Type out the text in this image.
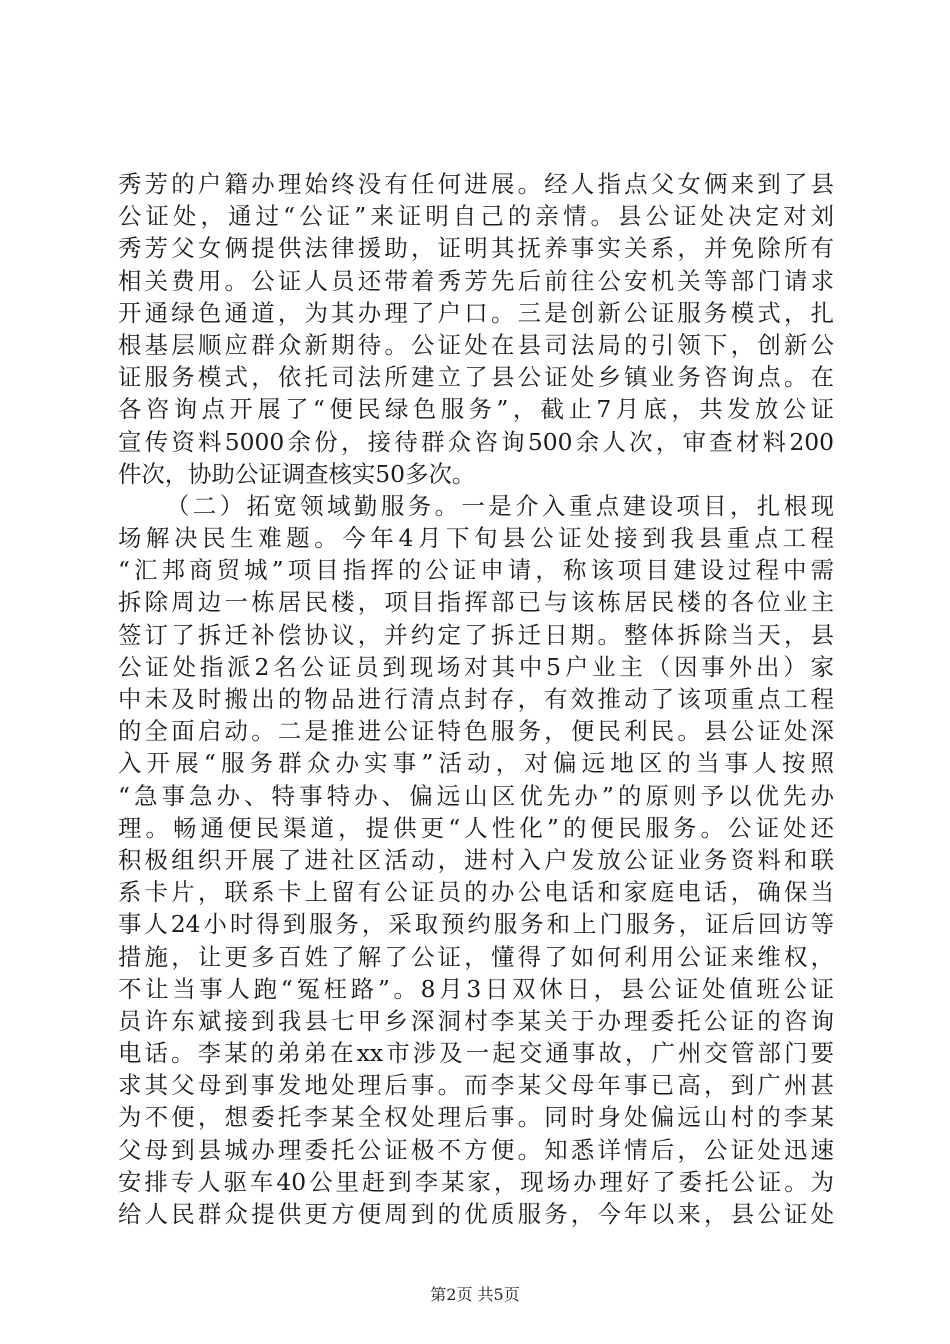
秀芳的户籍办理始终没有任何进展。经人指点父女俩来到了县
公证处，通过“公证”来证明自己的亲情。县公证处决定对刘
秀芳父女俩提供法律援助，证明其抚养事实关系，并免除所有
相关费用。公证人员还带着秀芳先后前往公安机关等部门请求
开通绿色通道，为其办理了户口。三是创新公证服务模式，扎
根基层顺应群众新期待。公证处在县司法局的引领下，创新公
证服务模式，依托司法所建立了县公证处乡镇业务咨询点。在
各咨询点开展了“便民绿色服务”，截止7月底，共发放公证
宣传资料5000余份，接待群众咨询500余人次，审查材料200
件次，协助公证调查核实50多次。
（二）拓宽领域勤服务。一是介入重点建设项目，扎根现
场解决民生难题。今年4月下旬县公证处接到我县重点工程
“汇邦商贸城”项目指挥的公证申请，称该项目建设过程中需
拆除周边一栋居民楼，项目指挥部已与该栋居民楼的各位业主
签订了拆迁补偿协议，并约定了拆迁日期。整体拆除当天，县
公证处指派2名公证员到现场对其中5户业主（因事外出）家
中未及时搬出的物品进行清点封存，有效推动了该项重点工程
的全面启动。二是推进公证特色服务，便民利民。县公证处深
入开展“服务群众办实事”活动，对偏远地区的当事人按照
“急事急办、特事特办、偏远山区优先办”的原则予以优先办
理。畅通便民渠道，提供更“人性化”的便民服务。公证处还
积极组织开展了进社区活动，进村入户发放公证业务资料和联
系卡片，联系卡上留有公证员的办公电话和家庭电话，确保当
事人24小时得到服务，采取预约服务和上门服务，证后回访等
措施，让更多百姓了解了公证，懂得了如何利用公证来维权，
不让当事人跑“冤枉路”。8月3日双休日，县公证处值班公证
员许东斌接到我县七甲乡深洞村李某关于办理委托公证的咨询
电话。李某的弟弟在xx市涉及一起交通事故，广州交管部门要
求其父母到事发地处理后事。而李某父母年事已高，到广州甚
为不便，想委托李某全权处理后事。同时身处偏远山村的李某
父母到县城办理委托公证极不方便。知悉详情后，公证处迅速
安排专人驱车40公里赶到李某家，现场办理好了委托公证。为
给人民群众提供更方便周到的优质服务，今年以来，县公证处
第2页 共5页
